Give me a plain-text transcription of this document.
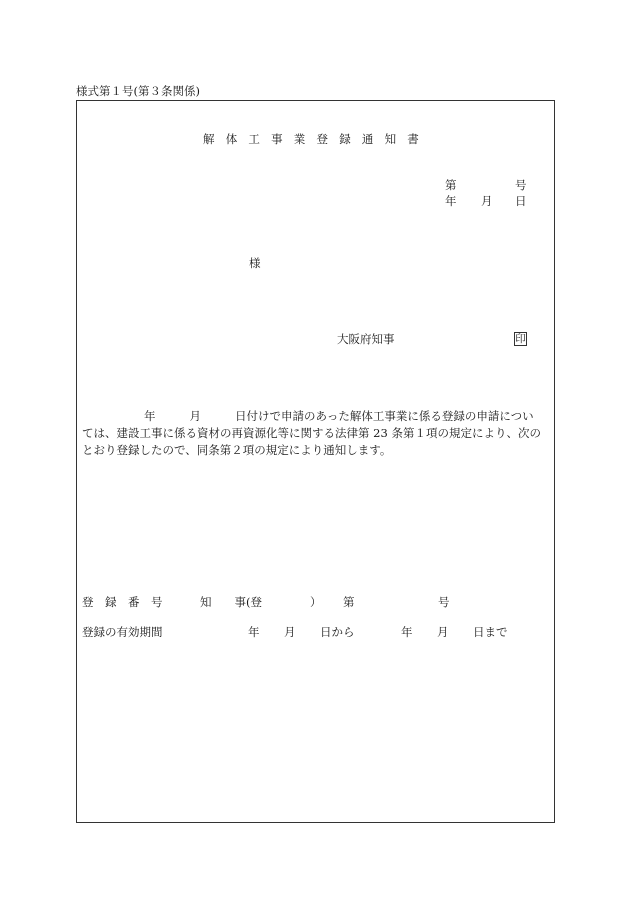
様式第１号(第３条関係)
解体工事業登録通知書
第	号
年 月 日
様
大阪府知事	印

年	月	日付けで申請のあった解体工事業に係る登録の申請につい

ては、建設工事に係る資材の再資源化等に関する法律第 23 条第１項の規定により、次の

とおり登録したので、同条第２項の規定により通知します。

登　録　番　号	知　　事(登	） 第	号
登録の有効期間	年 月 日から	年 月 日まで
